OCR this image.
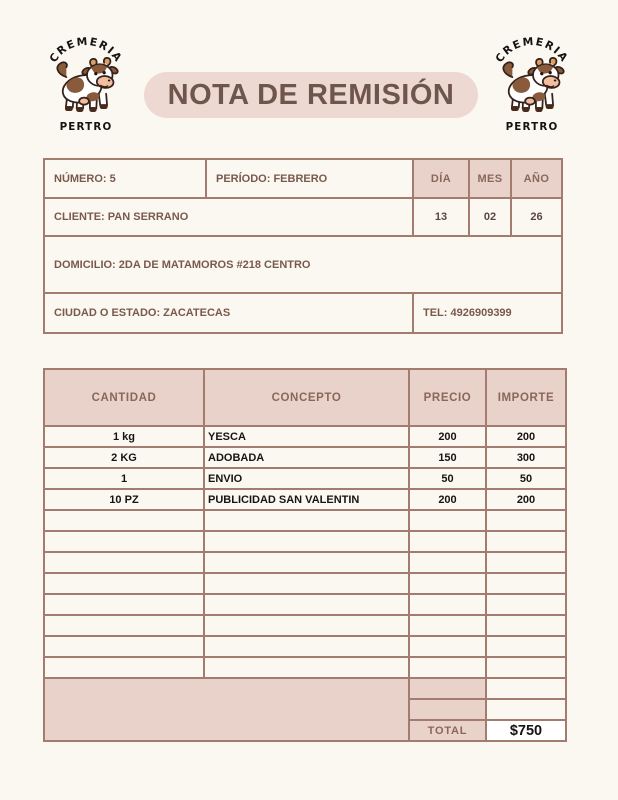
NOTA DE REMISIÓN
NÚMERO: 5	PERÍODO: FEBRERO	DÍA	MES	AÑO
CLIENTE: PAN SERRANO		13	02	26
DOMICILIO: 2DA DE MATAMOROS #218 CENTRO				
CIUDAD O ESTADO: ZACATECAS		TEL: 4926909399		
CANTIDAD	CONCEPTO	PRECIO	IMPORTE
1 kg	YESCA	200	200
2 KG	ADOBADA	150	300
1	ENVIO	50	50
10 PZ	PUBLICIDAD SAN VALENTIN	200	200

		TOTAL	$750
